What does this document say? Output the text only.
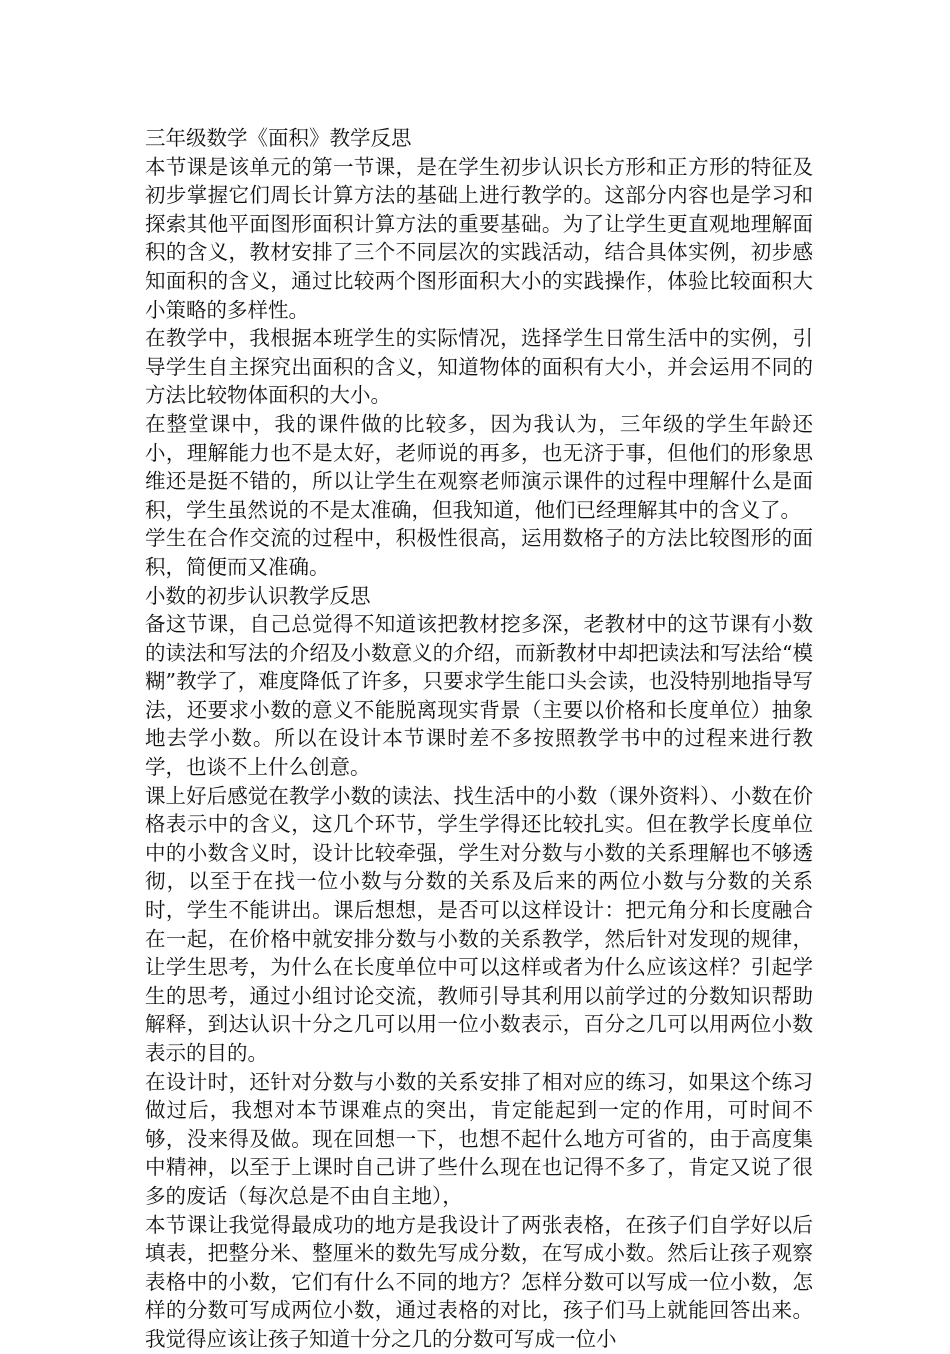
三年级数学《面积》教学反思

本节课是该单元的第一节课，是在学生初步认识长方形和正方形的特征及初步掌握它们周长计算方法的基础上进行教学的。这部分内容也是学习和探索其他平面图形面积计算方法的重要基础。为了让学生更直观地理解面积的含义，教材安排了三个不同层次的实践活动，结合具体实例，初步感知面积的含义，通过比较两个图形面积大小的实践操作，体验比较面积大小策略的多样性。

在教学中，我根据本班学生的实际情况，选择学生日常生活中的实例，引导学生自主探究出面积的含义，知道物体的面积有大小，并会运用不同的方法比较物体面积的大小。

在整堂课中，我的课件做的比较多，因为我认为，三年级的学生年龄还小，理解能力也不是太好，老师说的再多，也无济于事，但他们的形象思维还是挺不错的，所以让学生在观察老师演示课件的过程中理解什么是面积，学生虽然说的不是太准确，但我知道，他们已经理解其中的含义了。

学生在合作交流的过程中，积极性很高，运用数格子的方法比较图形的面积，简便而又准确。

小数的初步认识教学反思

备这节课，自己总觉得不知道该把教材挖多深，老教材中的这节课有小数的读法和写法的介绍及小数意义的介绍，而新教材中却把读法和写法给“模糊”教学了，难度降低了许多，只要求学生能口头会读，也没特别地指导写法，还要求小数的意义不能脱离现实背景（主要以价格和长度单位）抽象地去学小数。所以在设计本节课时差不多按照教学书中的过程来进行教学，也谈不上什么创意。

课上好后感觉在教学小数的读法、找生活中的小数（课外资料）、小数在价格表示中的含义，这几个环节，学生学得还比较扎实。但在教学长度单位中的小数含义时，设计比较牵强，学生对分数与小数的关系理解也不够透彻，以至于在找一位小数与分数的关系及后来的两位小数与分数的关系时，学生不能讲出。课后想想，是否可以这样设计：把元角分和长度融合在一起，在价格中就安排分数与小数的关系教学，然后针对发现的规律，让学生思考，为什么在长度单位中可以这样或者为什么应该这样？引起学生的思考，通过小组讨论交流，教师引导其利用以前学过的分数知识帮助解释，到达认识十分之几可以用一位小数表示，百分之几可以用两位小数表示的目的。

在设计时，还针对分数与小数的关系安排了相对应的练习，如果这个练习做过后，我想对本节课难点的突出，肯定能起到一定的作用，可时间不够，没来得及做。现在回想一下，也想不起什么地方可省的，由于高度集中精神，以至于上课时自己讲了些什么现在也记得不多了，肯定又说了很多的废话（每次总是不由自主地），

本节课让我觉得最成功的地方是我设计了两张表格，在孩子们自学好以后填表，把整分米、整厘米的数先写成分数，在写成小数。然后让孩子观察表格中的小数，它们有什么不同的地方？怎样分数可以写成一位小数，怎样的分数可写成两位小数，通过表格的对比，孩子们马上就能回答出来。我觉得应该让孩子知道十分之几的分数可写成一位小
